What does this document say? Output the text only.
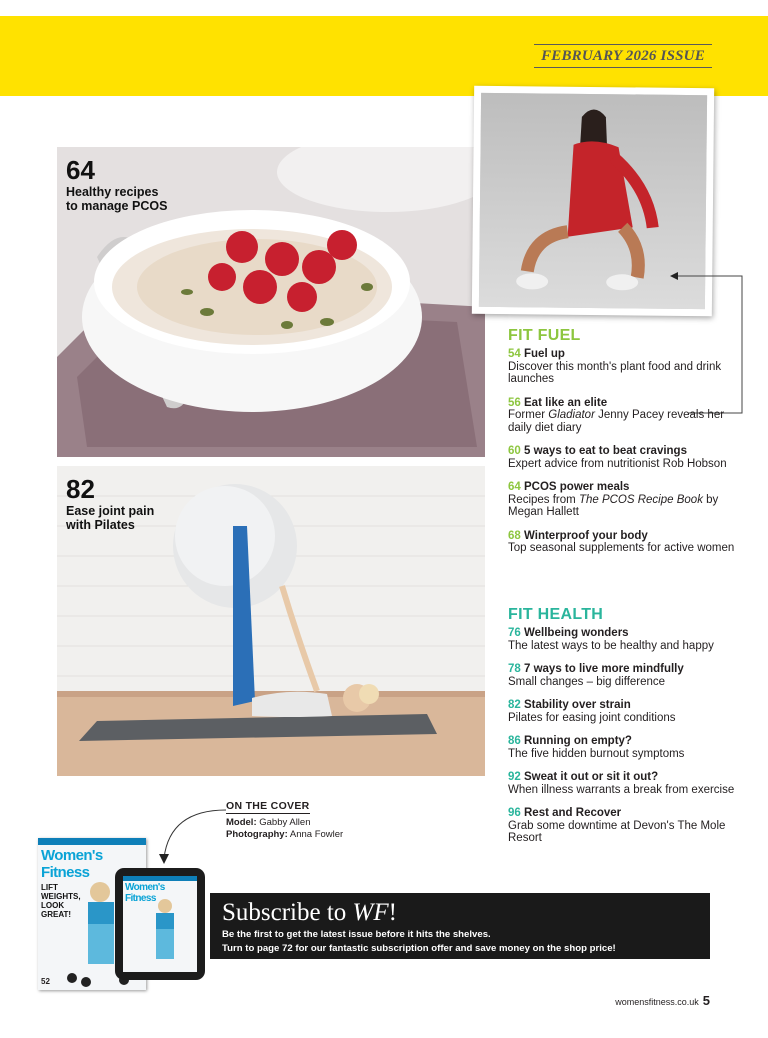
FEBRUARY 2026 ISSUE
64
Healthy recipes
to manage PCOS
82
Ease joint pain
with Pilates
FIT FUEL
54 Fuel up
Discover this month's plant food and drink launches
56 Eat like an elite
Former Gladiator Jenny Pacey reveals her daily diet diary
60 5 ways to eat to beat cravings
Expert advice from nutritionist Rob Hobson
64 PCOS power meals
Recipes from The PCOS Recipe Book by Megan Hallett
68 Winterproof your body
Top seasonal supplements for active women
FIT HEALTH
76 Wellbeing wonders
The latest ways to be healthy and happy
78 7 ways to live more mindfully
Small changes – big difference
82 Stability over strain
Pilates for easing joint conditions
86 Running on empty?
The five hidden burnout symptoms
92 Sweat it out or sit it out?
When illness warrants a break from exercise
96 Rest and Recover
Grab some downtime at Devon's The Mole Resort
ON THE COVER
Model: Gabby Allen
Photography: Anna Fowler
Women's Fitness
LIFT WEIGHTS, LOOK GREAT!
52
Women's Fitness
Subscribe to WF!
Be the first to get the latest issue before it hits the shelves.
Turn to page 72 for our fantastic subscription offer and save money on the shop price!
womensfitness.co.uk 5
